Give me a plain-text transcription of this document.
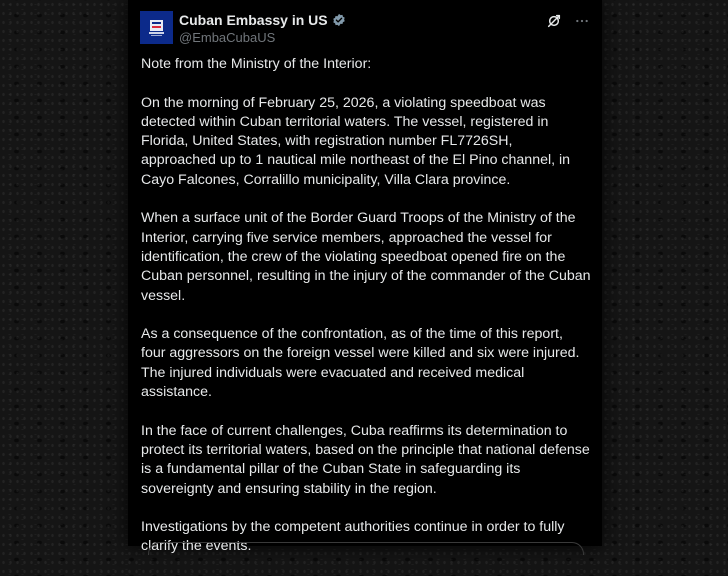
Cuban Embassy in US
@EmbaCubaUS

Note from the Ministry of the Interior:

On the morning of February 25, 2026, a violating speedboat was detected within Cuban territorial waters. The vessel, registered in Florida, United States, with registration number FL7726SH, approached up to 1 nautical mile northeast of the El Pino channel, in Cayo Falcones, Corralillo municipality, Villa Clara province.

When a surface unit of the Border Guard Troops of the Ministry of the Interior, carrying five service members, approached the vessel for identification, the crew of the violating speedboat opened fire on the Cuban personnel, resulting in the injury of the commander of the Cuban vessel.

As a consequence of the confrontation, as of the time of this report, four aggressors on the foreign vessel were killed and six were injured. The injured individuals were evacuated and received medical assistance.

In the face of current challenges, Cuba reaffirms its determination to protect its territorial waters, based on the principle that national defense is a fundamental pillar of the Cuban State in safeguarding its sovereignty and ensuring stability in the region.

Investigations by the competent authorities continue in order to fully clarify the events.
